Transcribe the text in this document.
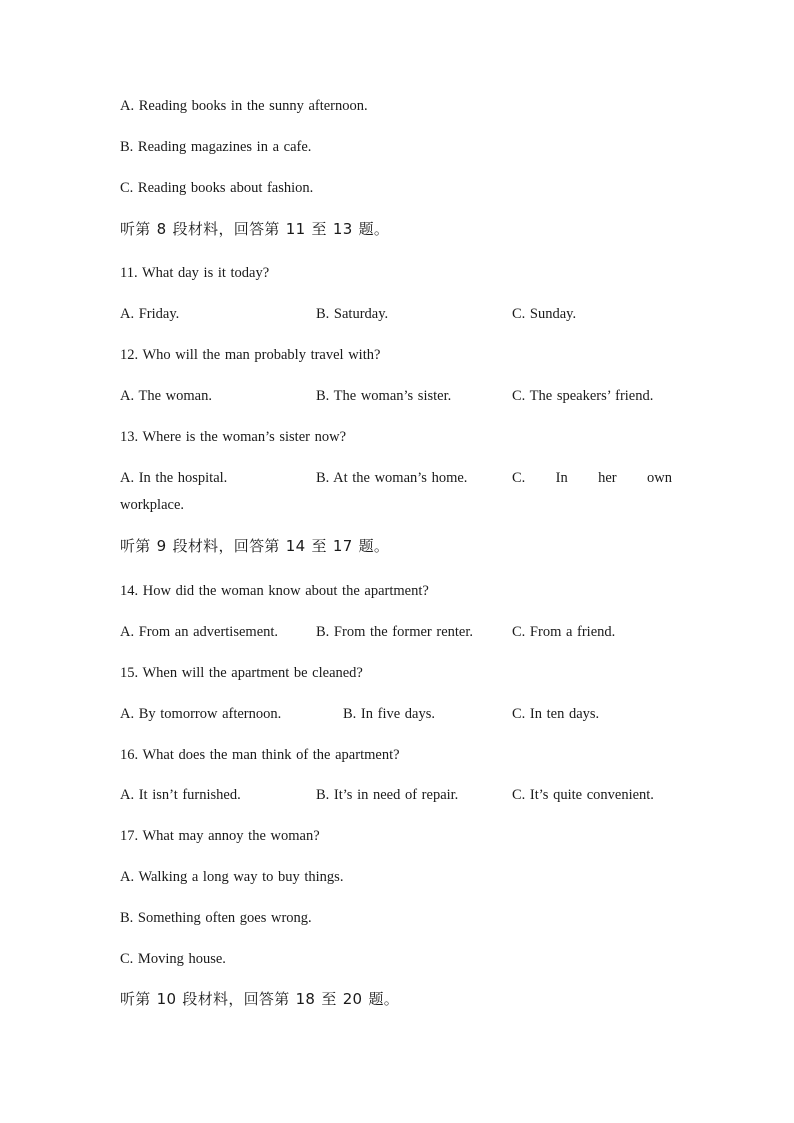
A. Reading books in the sunny afternoon.
B. Reading magazines in a cafe.
C. Reading books about fashion.
听第 8 段材料，回答第 11 至 13 题。
11. What day is it today?
A. Friday.	B. Saturday.	C. Sunday.
12. Who will the man probably travel with?
A. The woman.	B. The woman’s sister.	C. The speakers’ friend.
13. Where is the woman’s sister now?
A. In the hospital.	B. At the woman’s home.	C. In her own
workplace.
听第 9 段材料，回答第 14 至 17 题。
14. How did the woman know about the apartment?
A. From an advertisement.	B. From the former renter.	C. From a friend.
15. When will the apartment be cleaned?
A. By tomorrow afternoon.	B. In five days.	C. In ten days.
16. What does the man think of the apartment?
A. It isn’t furnished.	B. It’s in need of repair.	C. It’s quite convenient.
17. What may annoy the woman?
A. Walking a long way to buy things.
B. Something often goes wrong.
C. Moving house.
听第 10 段材料，回答第 18 至 20 题。
